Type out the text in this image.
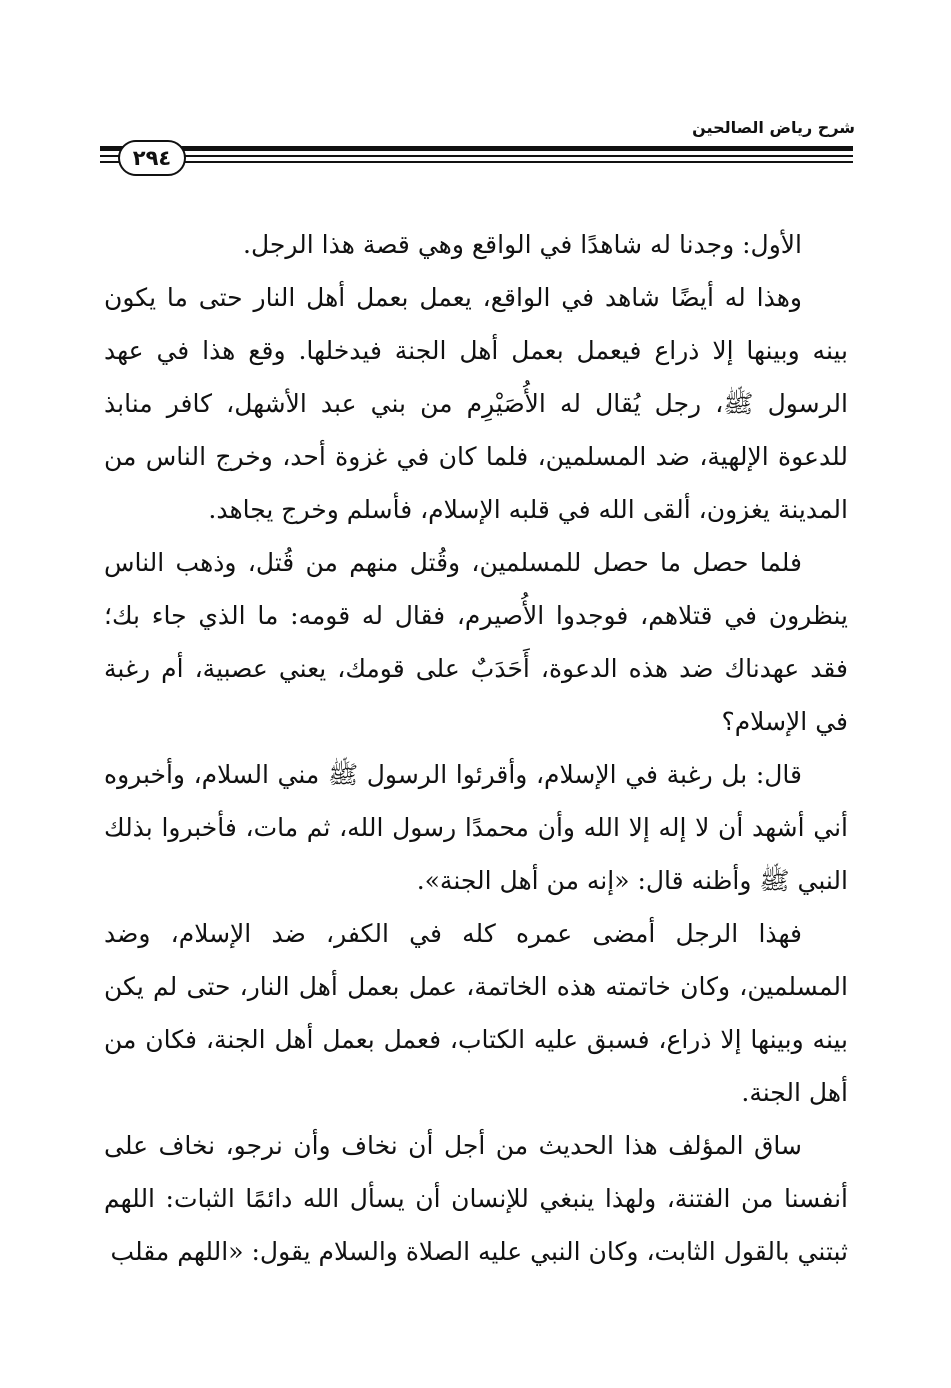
شرح رياض الصالحين
٢٩٤

الأول: وجدنا له شاهدًا في الواقع وهي قصة هذا الرجل.

وهذا له أيضًا شاهد في الواقع، يعمل بعمل أهل النار حتى ما يكون بينه وبينها إلا ذراع فيعمل بعمل أهل الجنة فيدخلها. وقع هذا في عهد الرسول ﷺ، رجل يُقال له الأُصَيْرِم من بني عبد الأشهل، كافر منابذ للدعوة الإلهية، ضد المسلمين، فلما كان في غزوة أحد، وخرج الناس من المدينة يغزون، ألقى الله في قلبه الإسلام، فأسلم وخرج يجاهد.

فلما حصل ما حصل للمسلمين، وقُتل منهم من قُتل، وذهب الناس ينظرون في قتلاهم، فوجدوا الأُصيرم، فقال له قومه: ما الذي جاء بك؛ فقد عهدناك ضد هذه الدعوة، أَحَدَبٌ على قومك، يعني عصبية، أم رغبة في الإسلام؟

قال: بل رغبة في الإسلام، وأقرئوا الرسول ﷺ مني السلام، وأخبروه أني أشهد أن لا إله إلا الله وأن محمدًا رسول الله، ثم مات، فأخبروا بذلك النبي ﷺ وأظنه قال: «إنه من أهل الجنة».

فهذا الرجل أمضى عمره كله في الكفر، ضد الإسلام، وضد المسلمين، وكان خاتمته هذه الخاتمة، عمل بعمل أهل النار، حتى لم يكن بينه وبينها إلا ذراع، فسبق عليه الكتاب، فعمل بعمل أهل الجنة، فكان من أهل الجنة.

ساق المؤلف هذا الحديث من أجل أن نخاف وأن نرجو، نخاف على أنفسنا من الفتنة، ولهذا ينبغي للإنسان أن يسأل الله دائمًا الثبات: اللهم ثبتني بالقول الثابت، وكان النبي عليه الصلاة والسلام يقول: «اللهم مقلب
